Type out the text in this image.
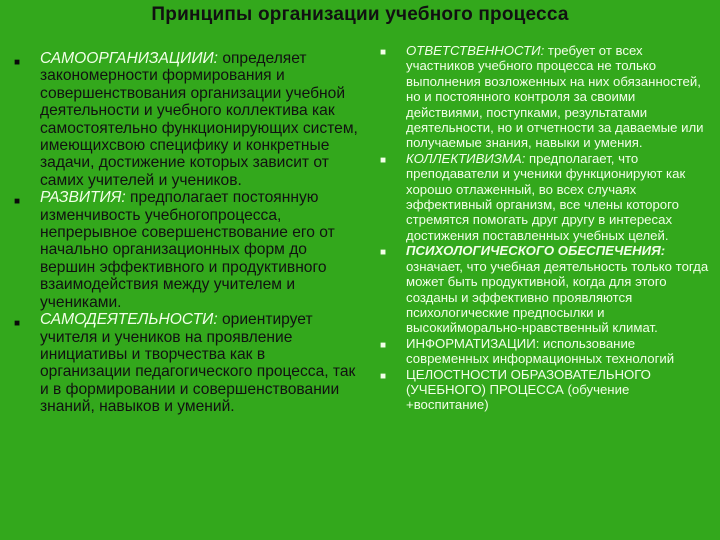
Принципы организации учебного процесса

■ САМООРГАНИЗАЦИИИ: определяет закономерности формирования и совершенствования организации учебной деятельности и учебного коллектива как самостоятельно функционирующих систем, имеющихсвою специфику и конкретные задачи, достижение которых зависит от самих учителей и учеников.

■ РАЗВИТИЯ: предполагает постоянную изменчивость учебногопроцесса, непрерывное совершенствование его от начально организационных форм до вершин эффективного и продуктивного взаимодействия между учителем и учениками.

■ САМОДЕЯТЕЛЬНОСТИ: ориентирует учителя и учеников на проявление инициативы и творчества как в организации педагогического процесса, так и в формировании и совершенствовании знаний, навыков и умений.

■ ОТВЕТСТВЕННОСТИ: требует от всех участников учебного процесса не только выполнения возложенных на них обязанностей, но и постоянного контроля за своими действиями, поступками, результатами деятельности, но и отчетности за даваемые или получаемые знания, навыки и умения.

■ КОЛЛЕКТИВИЗМА: предполагает, что преподаватели и ученики функционируют как хорошо отлаженный, во всех случаях эффективный организм, все члены которого стремятся помогать друг другу в интересах достижения поставленных учебных целей.

■ ПСИХОЛОГИЧЕСКОГО ОБЕСПЕЧЕНИЯ: означает, что учебная деятельность только тогда может быть продуктивной, когда для этого созданы и эффективно проявляются психологические предпосылки и высокийморально-нравственный климат.

■ ИНФОРМАТИЗАЦИИ: использование современных информационных технологий

■ ЦЕЛОСТНОСТИ ОБРАЗОВАТЕЛЬНОГО (УЧЕБНОГО) ПРОЦЕССА (обучение +воспитание)
